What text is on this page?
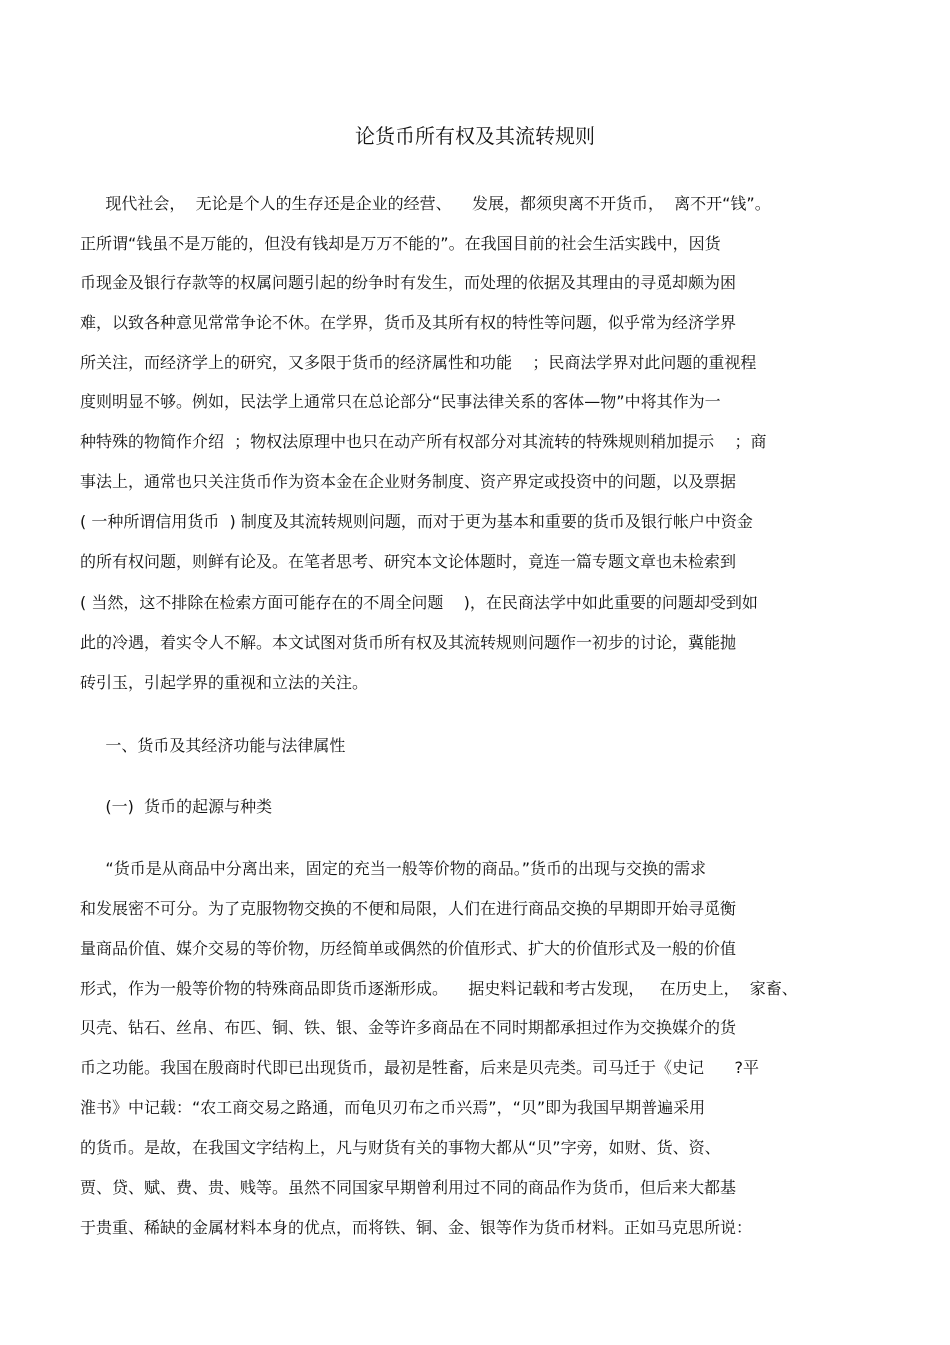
论货币所有权及其流转规则
现代社会，  无论是个人的生存还是企业的经营、    发展，都须臾离不开货币，  离不开“钱”。
正所谓“钱虽不是万能的，但没有钱却是万万不能的”。在我国目前的社会生活实践中，因货
币现金及银行存款等的权属问题引起的纷争时有发生，而处理的依据及其理由的寻觅却颇为困
难，以致各种意见常常争论不休。在学界，货币及其所有权的特性等问题，似乎常为经济学界
所关注，而经济学上的研究，又多限于货币的经济属性和功能    ；民商法学界对此问题的重视程
度则明显不够。例如，民法学上通常只在总论部分“民事法律关系的客体—物”中将其作为一
种特殊的物简作介绍  ；物权法原理中也只在动产所有权部分对其流转的特殊规则稍加提示    ；商
事法上，通常也只关注货币作为资本金在企业财务制度、资产界定或投资中的问题，以及票据
( 一种所谓信用货币  ) 制度及其流转规则问题，而对于更为基本和重要的货币及银行帐户中资金
的所有权问题，则鲜有论及。在笔者思考、研究本文论体题时，竟连一篇专题文章也未检索到
( 当然，这不排除在检索方面可能存在的不周全问题    )，在民商法学中如此重要的问题却受到如
此的冷遇，着实令人不解。本文试图对货币所有权及其流转规则问题作一初步的讨论，冀能抛
砖引玉，引起学界的重视和立法的关注。
一、货币及其经济功能与法律属性
(一)  货币的起源与种类
“货币是从商品中分离出来，固定的充当一般等价物的商品。”货币的出现与交换的需求
和发展密不可分。为了克服物物交换的不便和局限，人们在进行商品交换的早期即开始寻觅衡
量商品价值、媒介交易的等价物，历经简单或偶然的价值形式、扩大的价值形式及一般的价值
形式，作为一般等价物的特殊商品即货币逐渐形成。    据史料记载和考古发现，   在历史上，  家畜、
贝壳、钻石、丝帛、布匹、铜、铁、银、金等许多商品在不同时期都承担过作为交换媒介的货
币之功能。我国在殷商时代即已出现货币，最初是牲畜，后来是贝壳类。司马迁于《史记      ?平
淮书》中记载：“农工商交易之路通，而龟贝刃布之币兴焉”，“贝”即为我国早期普遍采用
的货币。是故，在我国文字结构上，凡与财货有关的事物大都从“贝”字旁，如财、货、资、
贾、贷、赋、费、贵、贱等。虽然不同国家早期曾利用过不同的商品作为货币，但后来大都基
于贵重、稀缺的金属材料本身的优点，而将铁、铜、金、银等作为货币材料。正如马克思所说：
